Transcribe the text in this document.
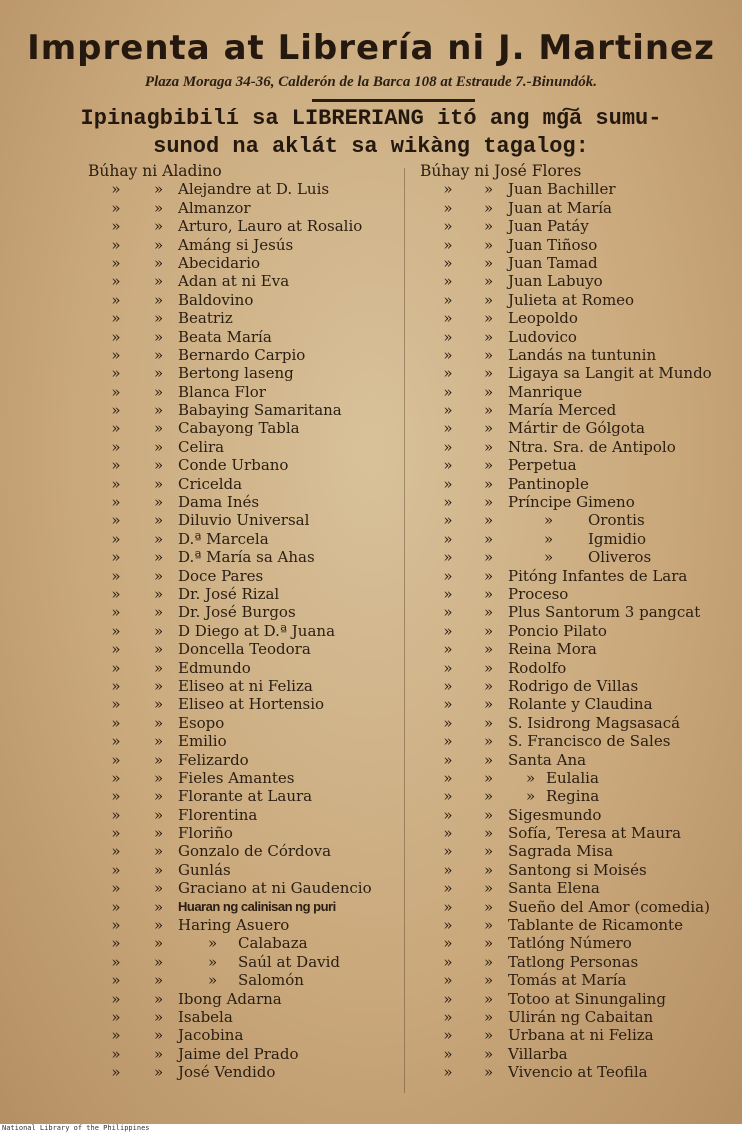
Imprenta at Librería ni J. Martinez
Plaza Moraga 34-36, Calderón de la Barca 108 at Estraude 7.-Binundók.
Ipinagbibilí sa LIBRERIANG itó ang mg͠a sumu-
sunod na aklát sa wikàng tagalog:
Búhay ni Aladino
»	» Alejandre at D. Luis
»	» Almanzor
»	» Arturo, Lauro at Rosalio
»	» Amáng si Jesús
»	» Abecidario
»	» Adan at ni Eva
»	» Baldovino
»	» Beatriz
»	» Beata María
»	» Bernardo Carpio
»	» Bertong laseng
»	» Blanca Flor
»	» Babaying Samaritana
»	» Cabayong Tabla
»	» Celira
»	» Conde Urbano
»	» Cricelda
»	» Dama Inés
»	» Diluvio Universal
»	» D.ª Marcela
»	» D.ª María sa Ahas
»	» Doce Pares
»	» Dr. José Rizal
»	» Dr. José Burgos
»	» D Diego at D.ª Juana
»	» Doncella Teodora
»	» Edmundo
»	» Eliseo at ni Feliza
»	» Eliseo at Hortensio
»	» Esopo
»	» Emilio
»	» Felizardo
»	» Fieles Amantes
»	» Florante at Laura
»	» Florentina
»	» Floriño
»	» Gonzalo de Córdova
»	» Gunlás
»	» Graciano at ni Gaudencio
»	» Huaran ng calinisan ng puri
»	» Haring Asuero
»	»	» Calabaza
»	»	» Saúl at David
»	»	» Salomón
»	» Ibong Adarna
»	» Isabela
»	» Jacobina
»	» Jaime del Prado
»	» José Vendido
Búhay ni José Flores
»	» Juan Bachiller
»	» Juan at María
»	» Juan Patáy
»	» Juan Tiñoso
»	» Juan Tamad
»	» Juan Labuyo
»	» Julieta at Romeo
»	» Leopoldo
»	» Ludovico
»	» Landás na tuntunin
»	» Ligaya sa Langit at Mundo
»	» Manrique
»	» María Merced
»	» Mártir de Gólgota
»	» Ntra. Sra. de Antipolo
»	» Perpetua
»	» Pantinople
»	» Príncipe Gimeno
»	»	» Orontis
»	»	» Igmidio
»	»	» Oliveros
»	» Pitóng Infantes de Lara
»	» Proceso
»	» Plus Santorum 3 pangcat
»	» Poncio Pilato
»	» Reina Mora
»	» Rodolfo
»	» Rodrigo de Villas
»	» Rolante y Claudina
»	» S. Isidrong Magsasacá
»	» S. Francisco de Sales
»	» Santa Ana
»	» » Eulalia
»	» » Regina
»	» Sigesmundo
»	» Sofía, Teresa at Maura
»	» Sagrada Misa
»	» Santong si Moisés
»	» Santa Elena
»	» Sueño del Amor (comedia)
»	» Tablante de Ricamonte
»	» Tatlóng Número
»	» Tatlong Personas
»	» Tomás at María
»	» Totoo at Sinungaling
»	» Ulirán ng Cabaitan
»	» Urbana at ni Feliza
»	» Villarba
»	» Vivencio at Teofila
National Library of the Philippines
